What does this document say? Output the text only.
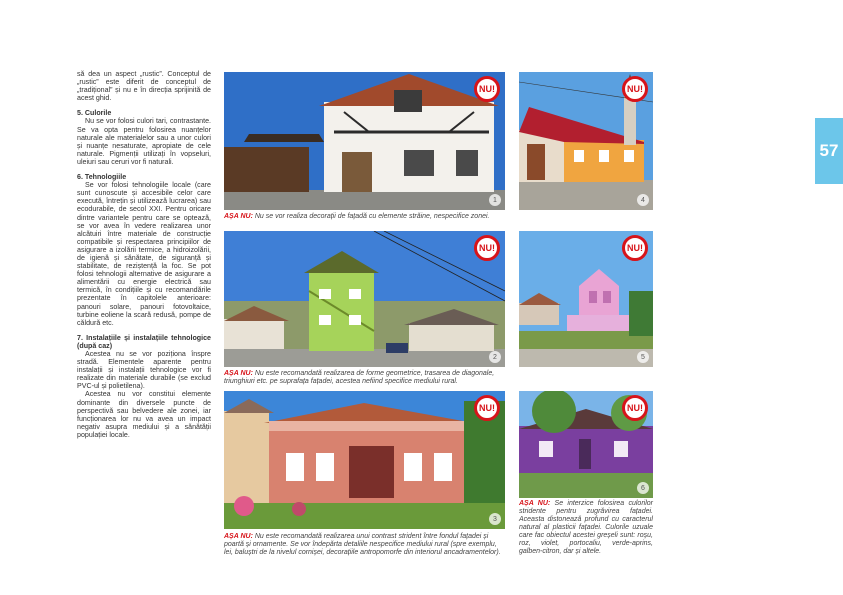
să dea un aspect „rustic”. Conceptul de „rustic” este diferit de conceptul de „tradițional” și nu e în direcția sprijinită de acest ghid.

5. Culorile

Nu se vor folosi culori tari, contrastante. Se va opta pentru folosirea nuanțelor naturale ale materialelor sau a unor culori și nuanțe nesaturate, apropiate de cele naturale. Pigmenții utilizați în vopseluri, uleiuri sau ceruri vor fi naturali.

6. Tehnologiile

Se vor folosi tehnologiile locale (care sunt cunoscute și accesibile celor care execută, întrețin și utilizează lucrarea) sau ecodurabile, de secol XXI. Pentru oricare dintre variantele pentru care se optează, se vor avea în vedere realizarea unor alcătuiri între materiale de construcție compatibile și respectarea principiilor de asigurare a izolării termice, a hidroizolării, de igienă și sănătate, de siguranță și stabilitate, de reziștență la foc. Se pot folosi tehnologii alternative de asigurare a alimentării cu energie electrică sau termică, în condițiile și cu recomandările prezentate în capitolele anterioare: panouri solare, panouri fotovoltaice, turbine eoliene la scară redusă, pompe de căldură etc.

7. Instalațiile și instalațiile tehnologice (după caz)

Acestea nu se vor poziționa înspre stradă. Elementele aparente pentru instalații și instalații tehnologice vor fi realizate din materiale durabile (se exclud PVC-ul și polietilena).

Acestea nu vor constitui elemente dominante din diversele puncte de perspectivă sau belvedere ale zonei, iar funcționarea lor nu va avea un impact negativ asupra mediului și a sănătății populației locale.

NU!
1
AȘA NU: Nu se vor realiza decorații de fațadă cu elemente străine, nespecifice zonei.
NU!
2
AȘA NU: Nu este recomandată realizarea de forme geometrice, trasarea de diagonale, triunghiuri etc. pe suprafața fațadei, acestea nefiind specifice mediului rural.
NU!
3
AȘA NU: Nu este recomandată realizarea unui contrast strident între fondul fațadei și poartă și ornamente. Se vor îndepărta detaliile nespecifice mediului rural (spre exemplu, lei, baluștri de la nivelul cornișei, decorațiile antropomorfe din interiorul ancadramentelor).
NU!
4
NU!
5
NU!
6
AȘA NU: Se interzice folosirea culorilor stridente pentru zugrăvirea fațadei. Aceasta distonează profund cu caracterul natural al plasticii fațadei. Culorile uzuale care fac obiectul acestei greșeli sunt: roșu, roz, violet, portocaliu, verde-aprins, galben-citron, dar și altele.
57
